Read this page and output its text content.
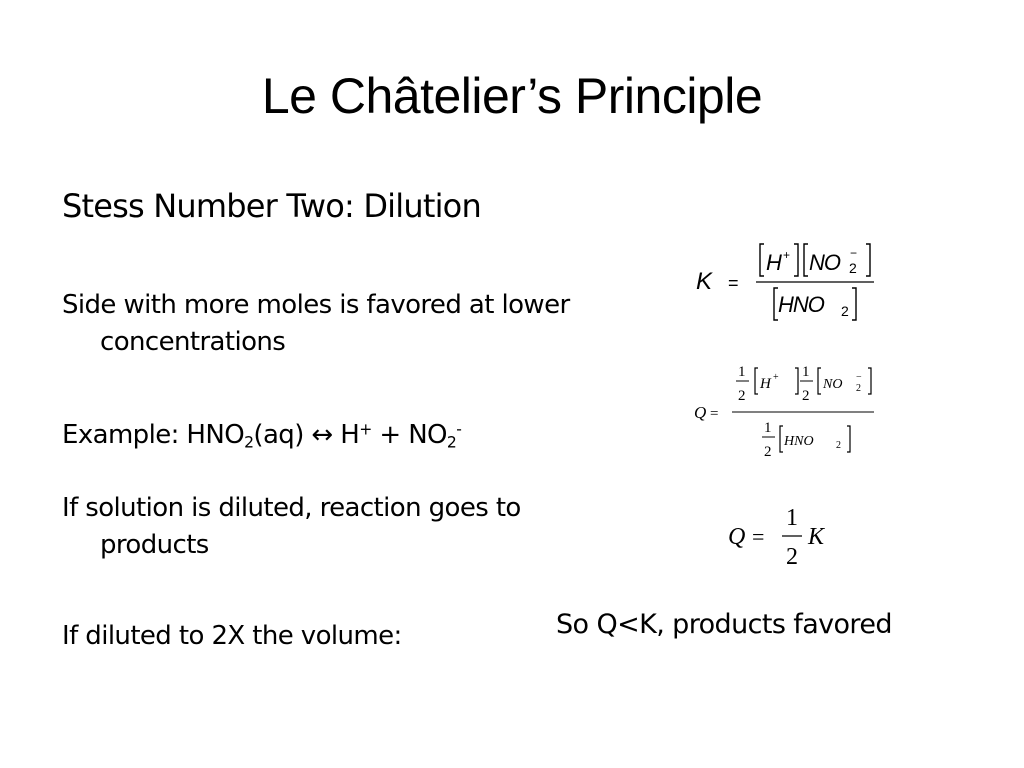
Le Châtelier’s Principle
Stess Number Two: Dilution
Side with more moles is favored at lower concentrations
Example: $HNO_2(aq)$ ↔ $H^+ + NO_2^-$
If solution is diluted, reaction goes to products
If diluted to 2X the volume:	So Q<K, products favored
K =
H + NO −
2
HNO 2
Q =
1
2
H + 1
2
NO −
2
1
2
HNO 2
Q =
1
2
K
